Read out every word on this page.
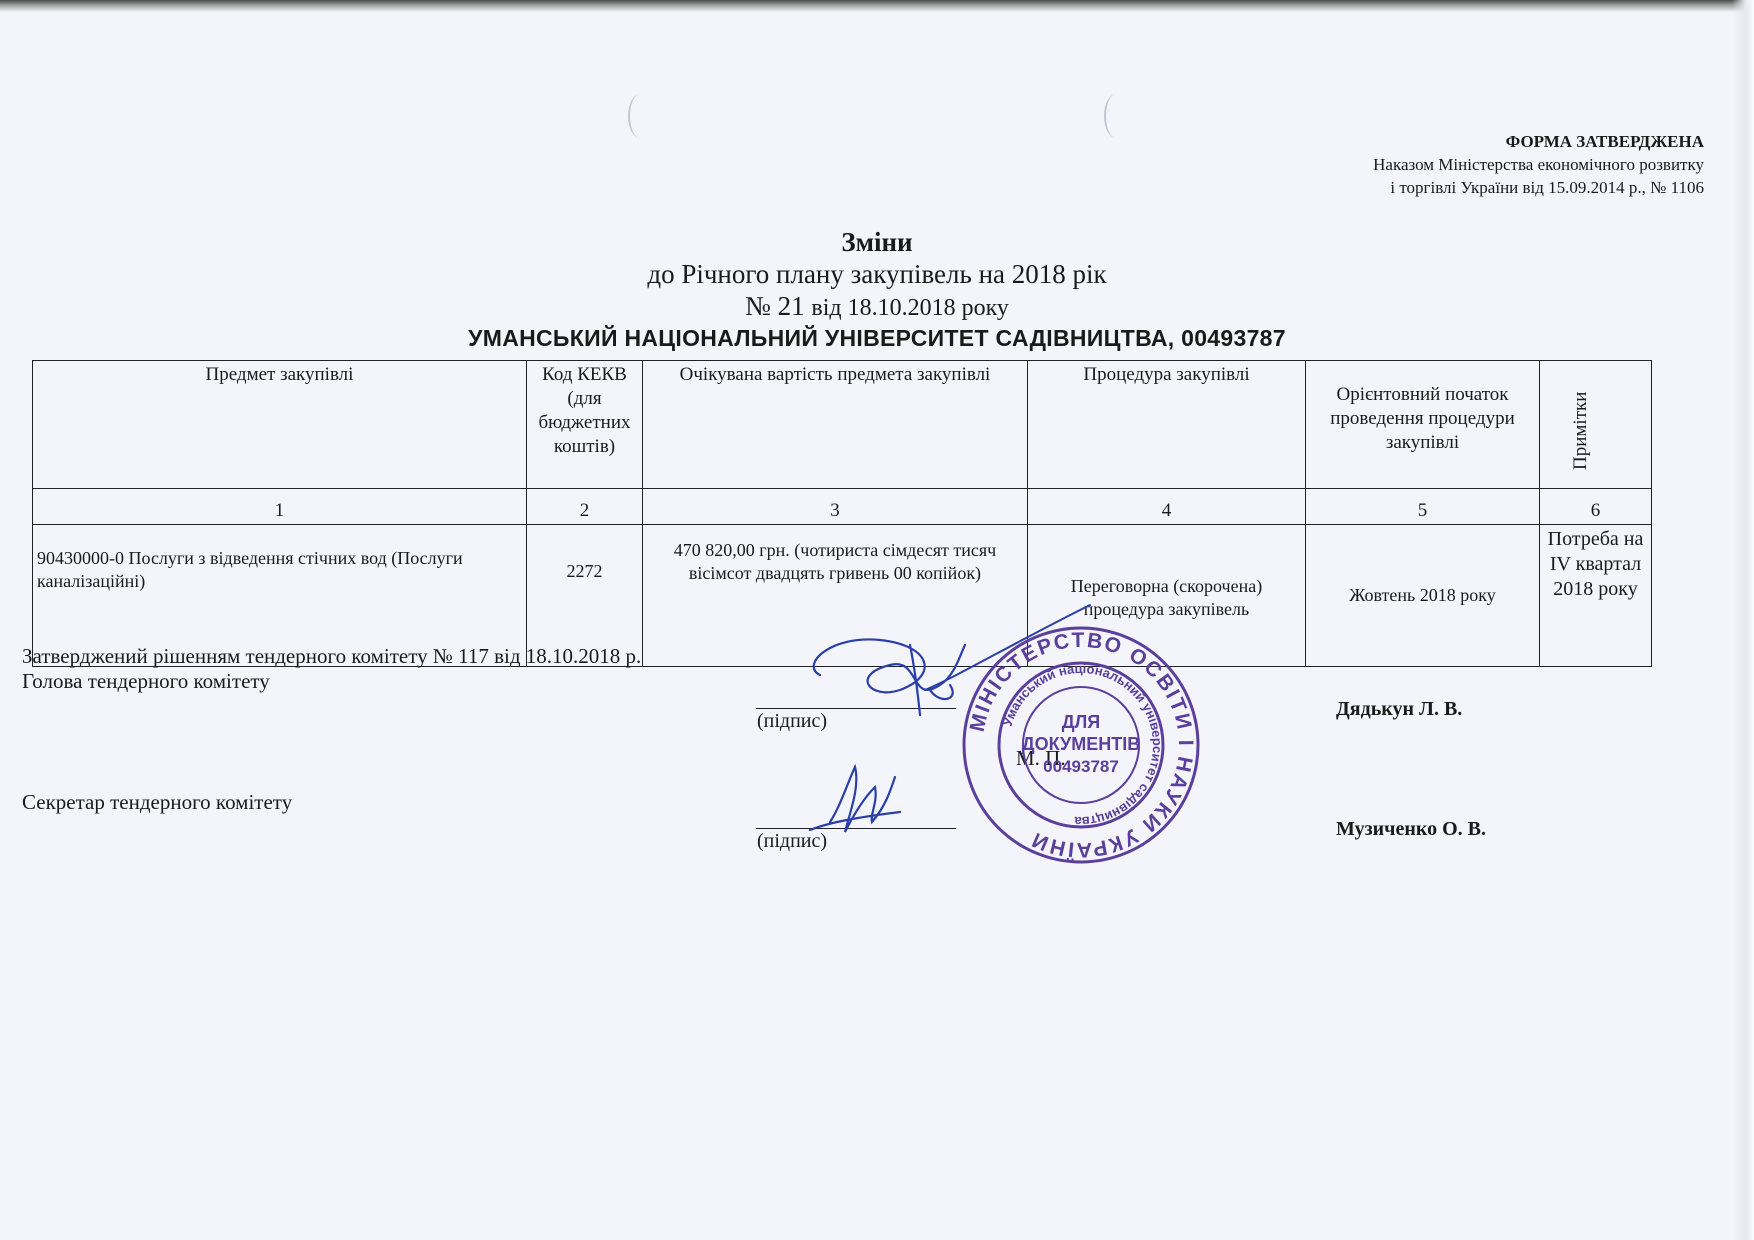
ФОРМА ЗАТВЕРДЖЕНА
Наказом Міністерства економічного розвитку
і торгівлі України від 15.09.2014 р., № 1106
Зміни
до Річного плану закупівель на 2018 рік
№ 21 від 18.10.2018 року
УМАНСЬКИЙ НАЦІОНАЛЬНИЙ УНІВЕРСИТЕТ САДІВНИЦТВА, 00493787
Предмет закупівлі	Код КЕКВ (для бюджетних коштів)	Очікувана вартість предмета закупівлі	Процедура закупівлі	Орієнтовний початок проведення процедури закупівлі	Примітки
1	2	3	4	5	6
90430000-0 Послуги з відведення стічних вод (Послуги каналізаційні)	2272	470 820,00 грн. (чотириста сімдесят тисяч вісімсот двадцять гривень 00 копійок)	Переговорна (скорочена) процедура закупівель	Жовтень 2018 року	Потреба на IV квартал 2018 року
Затверджений рішенням тендерного комітету № 117 від 18.10.2018 р.
Голова тендерного комітету
(підпис)
Дядькун Л. В.
М. П.
Секретар тендерного комітету
(підпис)
Музиченко О. В.
МІНІСТЕРСТВО ОСВІТИ І НАУКИ УКРАЇНИ
Уманський національний університет садівництва
ДЛЯ
ДОКУМЕНТІВ
00493787
